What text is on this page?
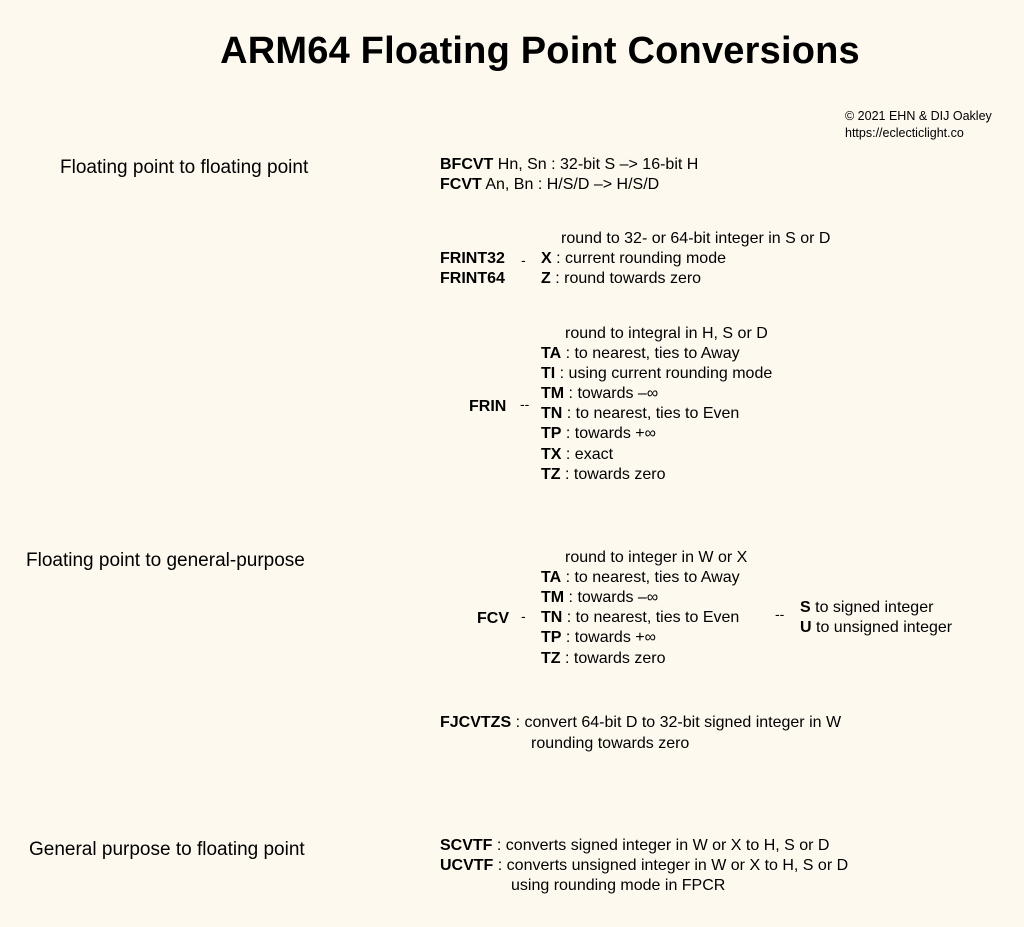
ARM64 Floating Point Conversions
© 2021 EHN & DIJ Oakley
https://eclecticlight.co
Floating point to floating point
Floating point to general-purpose
General purpose to floating point
BFCVT Hn, Sn : 32-bit S –> 16-bit H
FCVT An, Bn : H/S/D –> H/S/D
round to 32- or 64-bit integer in S or D
FRINT32
FRINT64
- X : current rounding mode
Z : round towards zero
round to integral in H, S or D
FRIN --
TA : to nearest, ties to Away
TI : using current rounding mode
TM : towards –∞
TN : to nearest, ties to Even
TP : towards +∞
TX : exact
TZ : towards zero
round to integer in W or X
FCV -
TA : to nearest, ties to Away
TM : towards –∞
TN : to nearest, ties to Even
TP : towards +∞
TZ : towards zero
-- S to signed integer
U to unsigned integer
FJCVTZS : convert 64-bit D to 32-bit signed integer in W
rounding towards zero
SCVTF : converts signed integer in W or X to H, S or D
UCVTF : converts unsigned integer in W or X to H, S or D
using rounding mode in FPCR
